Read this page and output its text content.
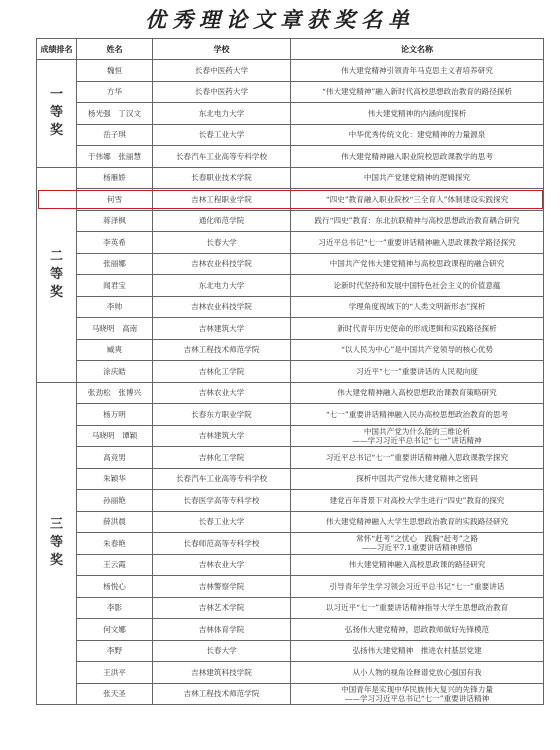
优秀理论文章获奖名单
成绩排名	姓名	学校	论文名称
一
等
奖	魏恒	长春中医药大学	伟大建党精神引领青年马克思主义者培养研究
	方华	长春中医药大学	“伟大建党精神”融入新时代高校思想政治教育的路径探析
	杨光强　丁汉文	东北电力大学	伟大建党精神的内涵向度探析
	岳子琪	长春工业大学	中华优秀传统文化：建党精神的力量源泉
	于伟娜　张丽慧	长春汽车工业高等专科学校	伟大建党精神融入职业院校思政课教学的思考
二
等
奖	杨雁娇	长春职业技术学院	中国共产党建党精神的逻辑探究
	何雪	吉林工程职业学院	“四史”教育融入职业院校“三全育人”体制建设实践探究
	蒋泽枫	通化师范学院	践行“四史”教育：东北抗联精神与高校思想政治教育耦合研究
	李英希	长春大学	习近平总书记“七一”重要讲话精神融入思政课教学路径探究
	张丽娜	吉林农业科技学院	中国共产党伟大建党精神与高校思政课程的融合研究
	闻君宝	东北电力大学	论新时代坚持和发展中国特色社会主义的价值意蕴
	李帅	吉林农业科技学院	学理角度视域下的“人类文明新形态”探析
	马晓明　高南	吉林建筑大学	新时代青年历史使命的形成逻辑和实践路径探析
	臧爽	吉林工程技术师范学院	“以人民为中心”是中国共产党领导的核心优势
	涂庆皓	吉林化工学院	习近平“七一”重要讲话的人民观向度
三
等
奖	张劲松　张博兴	吉林农业大学	伟大建党精神融入高校思想政治课教育策略研究
	杨万明	长春东方职业学院	“七一”重要讲话精神融入民办高校思想政治教育的思考
	马晓明　谭颖	吉林建筑大学	中国共产党为什么能的三维论析
——学习习近平总书记“七一”讲话精神
	高竞男	吉林化工学院	习近平总书记“七一”重要讲话精神融入思政课教学探究
	朱颖华	长春汽车工业高等专科学校	探析中国共产党伟大建党精神之密码
	孙丽艳	长春医学高等专科学校	建党百年背景下对高校大学生进行“四史”教育的探究
	薛洪晨	长春工业大学	伟大建党精神融入大学生思想政治教育的实践路径研究
	朱春艳	长春师范高等专科学校	常怀“赶考”之忧心　践胸“赶考”之路
——习近平7.1重要讲话精神感悟
	王云霞	吉林农业大学	伟大建党精神融入高校思政课的路径研究
	杨悦心	吉林警察学院	引导青年学生学习领会习近平总书记“七一”重要讲话
	李影	吉林艺术学院	以习近平“七一”重要讲话精神指导大学生思想政治教育
	何文娜	吉林体育学院	弘扬伟大建党精神，思政教师做好先锋模范
	李野	长春大学	弘扬伟大建党精神　推进农村基层党建
	王洪平	吉林建筑科技学院	从小人物的视角诠释谱党放心强国有我
	张天圣	吉林工程技术师范学院	中国青年是实现中华民族伟大复兴的先锋力量
——学习习近平总书记“七一”重要讲话精神
